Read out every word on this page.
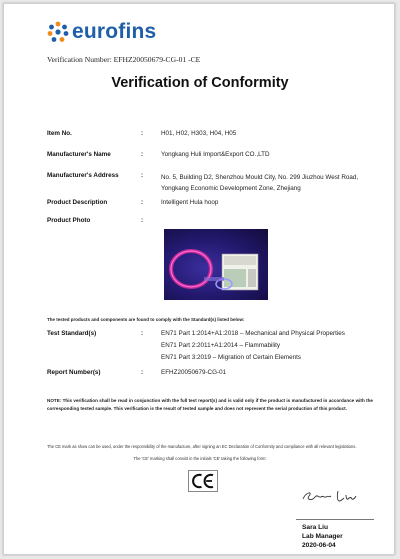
eurofins
Verification Number: EFHZ20050679-CG-01 -CE
Verification of Conformity
Item No.	:	H01, H02, H303, H04, H05
Manufacturer's Name	:	Yongkang Huli Import&Export CO.,LTD
Manufacturer's Address	:	No. 5, Building D2, Shenzhou Mould City, No. 299 Jiuzhou West Road, Yongkang Economic Development Zone, Zhejiang
Product Description	:	Intelligent Hula hoop
Product Photo	:
The tested products and components are found to comply with the Standard(s) listed below:
Test Standard(s)	:	EN71 Part 1:2014+A1:2018 – Mechanical and Physical Properties
EN71 Part 2:2011+A1:2014 – Flammability
EN71 Part 3:2019 – Migration of Certain Elements
Report Number(s)	:	EFHZ20050679-CG-01
NOTE: This verification shall be read in conjunction with the full test report(s) and is valid only if the product is manufactured in accordance with the corresponding tested sample. This verification is the result of tested sample and does not represent the serial production of this product.
The CE mark as show can be used, under the responsibility of the manufacture, after signing an EC Declaration of Conformity and compliance with all relevant legislations.
The 'CE' marking shall consist in the initials 'CE' taking the following form:
Sara Liu
Lab Manager
2020-06-04
